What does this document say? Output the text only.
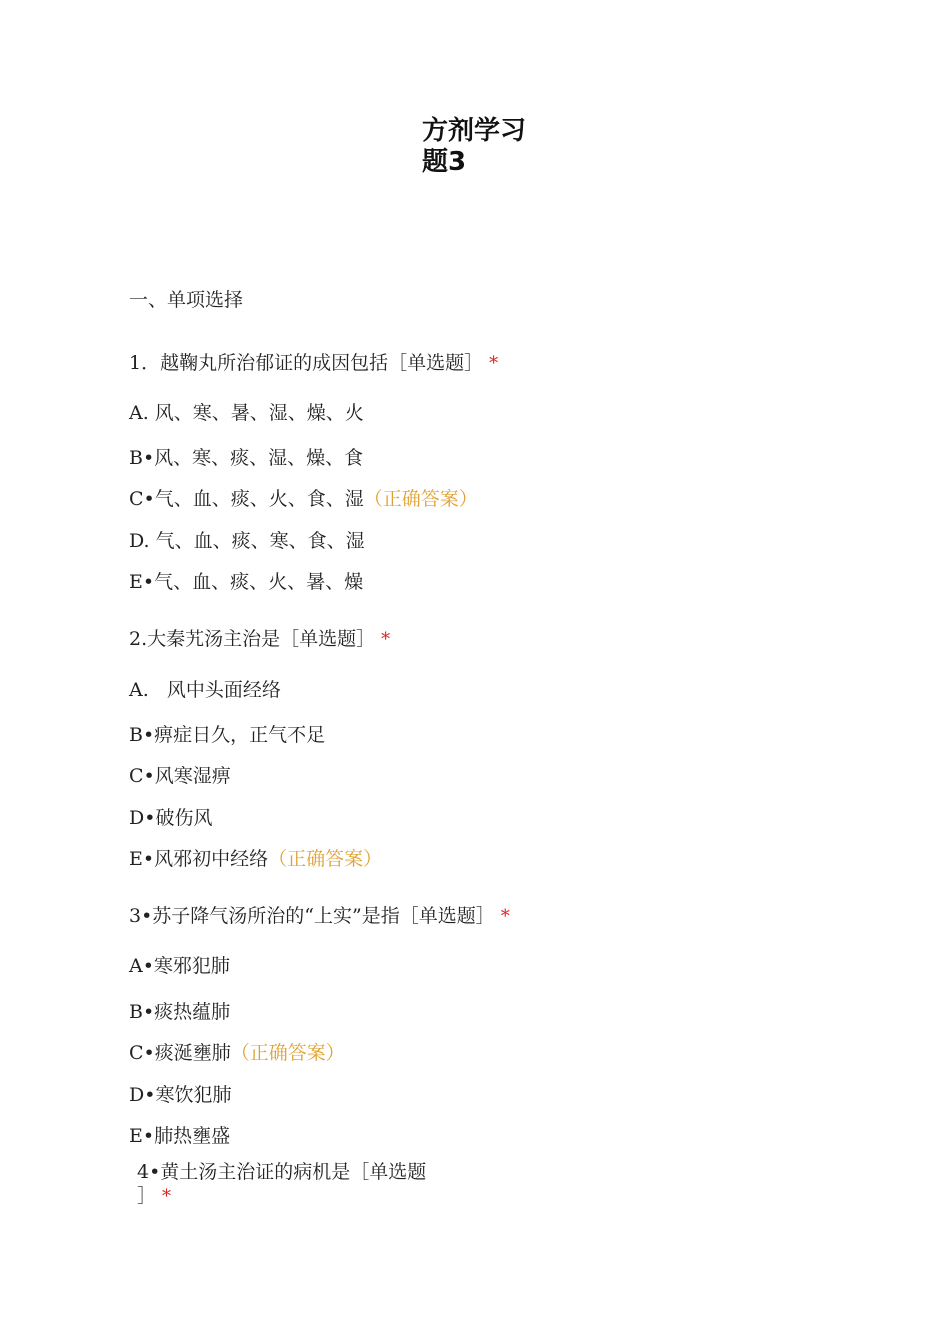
方剂学习
题3
一、单项选择
1．越鞠丸所治郁证的成因包括［单选题］ *
A. 风、寒、暑、湿、燥、火
B•风、寒、痰、湿、燥、食
C•气、血、痰、火、食、湿（正确答案）
D. 气、血、痰、寒、食、湿
E•气、血、痰、火、暑、燥
2.大秦艽汤主治是［单选题］ *
A.   风中头面经络
B•痹症日久，正气不足
C•风寒湿痹
D•破伤风
E•风邪初中经络（正确答案）
3•苏子降气汤所治的“上实”是指［单选题］ *
A•寒邪犯肺
B•痰热蕴肺
C•痰涎壅肺（正确答案）
D•寒饮犯肺
E•肺热壅盛
4•黄土汤主治证的病机是［单选题
］ *
